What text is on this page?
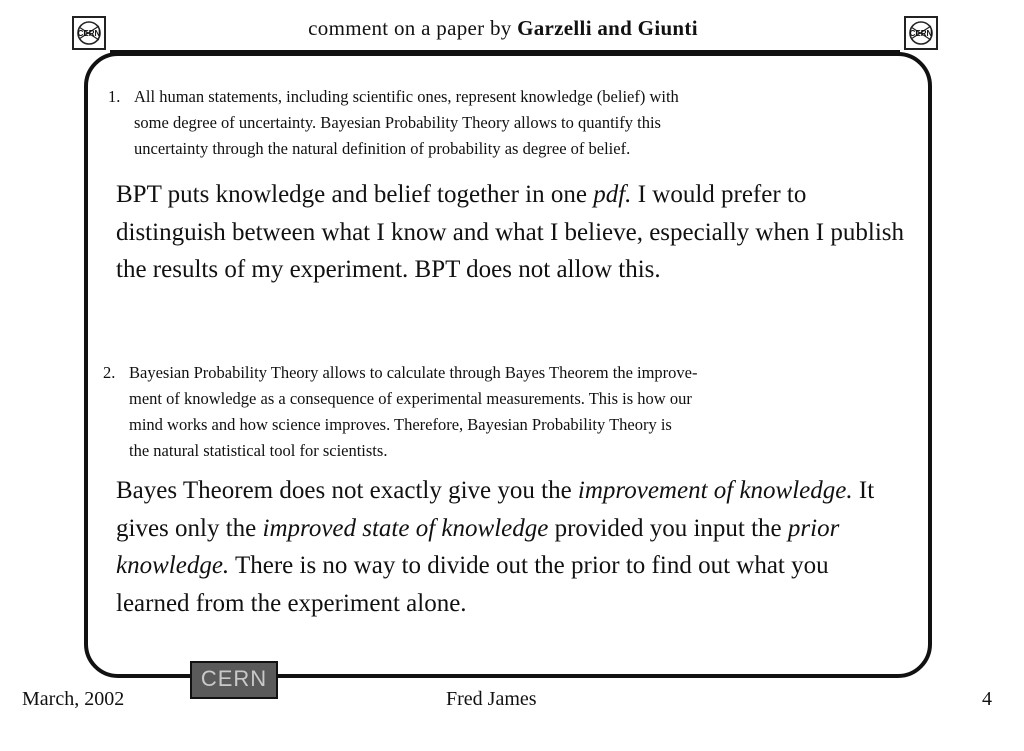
CERN	comment on a paper by Garzelli and Giunti	CERN
1. All human statements, including scientific ones, represent knowledge (belief) with
some degree of uncertainty. Bayesian Probability Theory allows to quantify this
uncertainty through the natural definition of probability as degree of belief.
BPT puts knowledge and belief together in one pdf. I would prefer to distinguish between what I know and what I believe, especially when I publish the results of my experiment. BPT does not allow this.
2. Bayesian Probability Theory allows to calculate through Bayes Theorem the improve-
ment of knowledge as a consequence of experimental measurements. This is how our
mind works and how science improves. Therefore, Bayesian Probability Theory is
the natural statistical tool for scientists.
Bayes Theorem does not exactly give you the improvement of knowledge. It gives only the improved state of knowledge provided you input the prior knowledge. There is no way to divide out the prior to find out what you learned from the experiment alone.
CERN
March, 2002	Fred James	4
